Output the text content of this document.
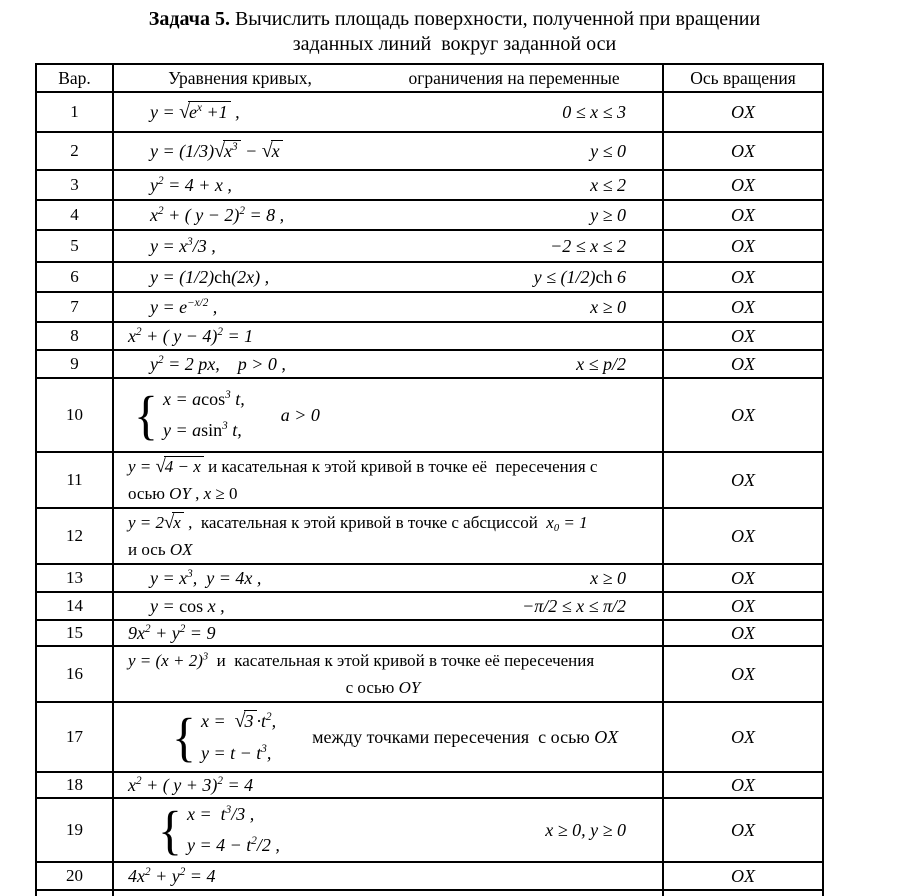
Задача 5. Вычислить площадь поверхности, полученной при вращении
заданных линий  вокруг заданной оси
Вар.	Уравнения кривых, ограничения на переменные	Ось вращения
1	$y = √e^x +1$ , 0 ≤ x ≤ 3	OX
2	$y = (1/3)√x^3 - √x$ y ≤ 0	OX
3	$y^2 = 4 + x$ , x ≤ 2	OX
4	$x^2$ + ( y − 2)$^2$ = 8 , y ≥ 0	OX
5	$y = x^3/3$ , −2 ≤ x ≤ 2	OX
6	y = (1/2)ch(2x) , y ≤ (1/2)ch 6	OX
7	$y = e^{-x/2}$ , x ≥ 0	OX
8	$x^2$ + ( y − 4)$^2$ = 1	OX
9	$y^2 = 2$ px,    p > 0 , x ≤ p/2	OX
10	{ x = acos$^3$ t,
y = asin$^3$ t,
a > 0	OX
11	y = √4 − x и касательная к этой кривой в точке её  пересечения с
осью OY , x ≥ 0	OX
12	y = 2√x ,  касательная к этой кривой в точке с абсциссой  $x_0 = 1$
и ось OX	OX
13	$y = x^3$,  y = 4x , x ≥ 0	OX
14	y = cos x , −π/2 ≤ x ≤ π/2	OX
15	$9x^2 + y^2 = 9$	OX
16	$y = (x + 2)^3$  и  касательная к этой кривой в точке её пересечения
с осью OY	OX
17	{ $x = √3 \cdot t^2$,
$y = t - t^3$,
между точками пересечения  с осью OX	OX
18	$x^2$ + ( y + 3)$^2$ = 4	OX
19	{ $x = t^3/3$ ,
$y = 4 - t^2/2$ ,
x ≥ 0, y ≥ 0	OX
20	$4x^2 + y^2 = 4$	OX
